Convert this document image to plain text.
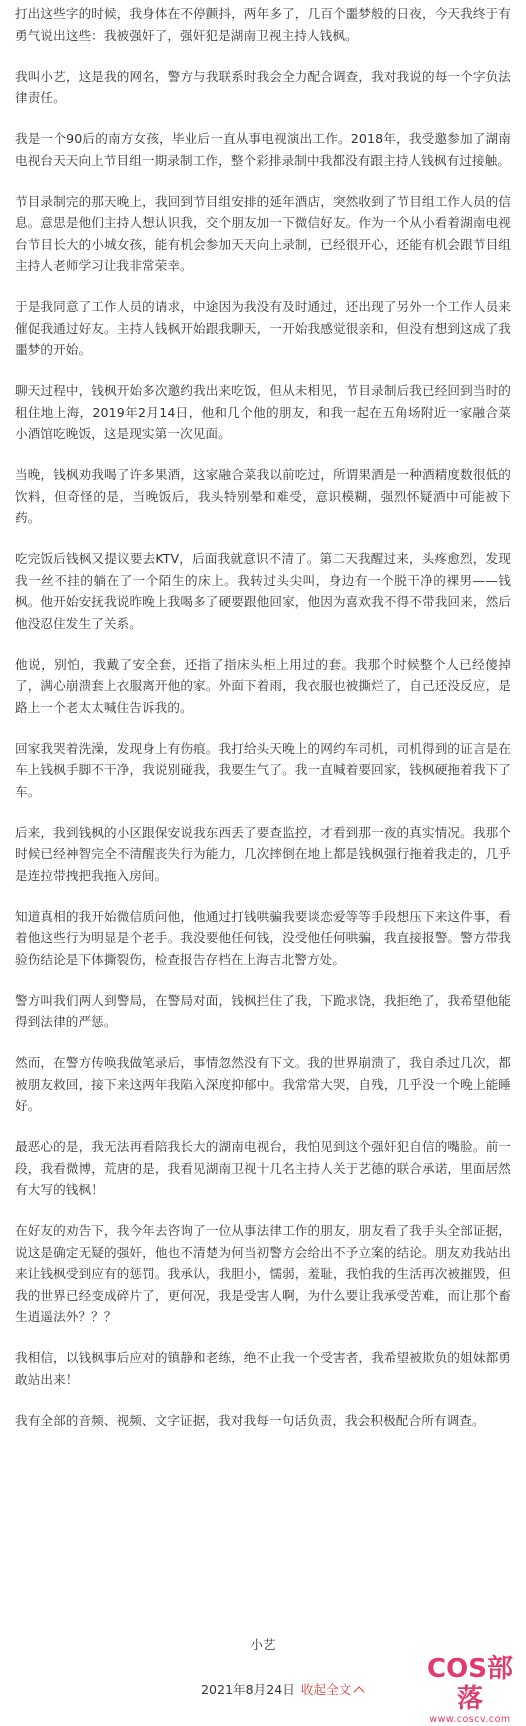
打出这些字的时候，我身体在不停颤抖，两年多了，几百个噩梦般的日夜，今天我终于有勇气说出这些：我被强奸了，强奸犯是湖南卫视主持人钱枫。

我叫小艺，这是我的网名，警方与我联系时我会全力配合调查，我对我说的每一个字负法律责任。

我是一个90后的南方女孩，毕业后一直从事电视演出工作。2018年，我受邀参加了湖南电视台天天向上节目组一期录制工作，整个彩排录制中我都没有跟主持人钱枫有过接触。

节目录制完的那天晚上，我回到节目组安排的延年酒店，突然收到了节目组工作人员的信息。意思是他们主持人想认识我，交个朋友加一下微信好友。作为一个从小看着湖南电视台节目长大的小城女孩，能有机会参加天天向上录制，已经很开心，还能有机会跟节目组主持人老师学习让我非常荣幸。

于是我同意了工作人员的请求，中途因为我没有及时通过，还出现了另外一个工作人员来催促我通过好友。主持人钱枫开始跟我聊天，一开始我感觉很亲和，但没有想到这成了我噩梦的开始。

聊天过程中，钱枫开始多次邀约我出来吃饭，但从未相见，节目录制后我已经回到当时的租住地上海，2019年2月14日，他和几个他的朋友，和我一起在五角场附近一家融合菜小酒馆吃晚饭，这是现实第一次见面。

当晚，钱枫劝我喝了许多果酒，这家融合菜我以前吃过，所谓果酒是一种酒精度数很低的饮料，但奇怪的是，当晚饭后，我头特别晕和难受，意识模糊，强烈怀疑酒中可能被下药。

吃完饭后钱枫又提议要去KTV，后面我就意识不清了。第二天我醒过来，头疼愈烈，发现我一丝不挂的躺在了一个陌生的床上。我转过头尖叫，身边有一个脱干净的裸男——钱枫。他开始安抚我说昨晚上我喝多了硬要跟他回家，他因为喜欢我不得不带我回来，然后他没忍住发生了关系。

他说，别怕，我戴了安全套，还指了指床头柜上用过的套。我那个时候整个人已经傻掉了，满心崩溃套上衣服离开他的家。外面下着雨，我衣服也被撕烂了，自己还没反应，是路上一个老太太喊住告诉我的。

回家我哭着洗澡，发现身上有伤痕。我打给头天晚上的网约车司机，司机得到的证言是在车上钱枫手脚不干净，我说别碰我，我要生气了。我一直喊着要回家，钱枫硬拖着我下了车。

后来，我到钱枫的小区跟保安说我东西丢了要查监控，才看到那一夜的真实情况。我那个时候已经神智完全不清醒丧失行为能力，几次摔倒在地上都是钱枫强行拖着我走的，几乎是连拉带拽把我拖入房间。

知道真相的我开始微信质问他，他通过打钱哄骗我要谈恋爱等等手段想压下来这件事，看着他这些行为明显是个老手。我没要他任何钱，没受他任何哄骗，我直接报警。警方带我验伤结论是下体撕裂伤，检查报告存档在上海吉北警方处。

警方叫我们两人到警局，在警局对面，钱枫拦住了我，下跪求饶，我拒绝了，我希望他能得到法律的严惩。

然而，在警方传唤我做笔录后，事情忽然没有下文。我的世界崩溃了，我自杀过几次，都被朋友救回，接下来这两年我陷入深度抑郁中。我常常大哭，自残，几乎没一个晚上能睡好。

最恶心的是，我无法再看陪我长大的湖南电视台，我怕见到这个强奸犯自信的嘴脸。前一段，我看微博，荒唐的是，我看见湖南卫视十几名主持人关于艺德的联合承诺，里面居然有大写的钱枫！

在好友的劝告下，我今年去咨询了一位从事法律工作的朋友，朋友看了我手头全部证据，说这是确定无疑的强奸，他也不清楚为何当初警方会给出不予立案的结论。朋友劝我站出来让钱枫受到应有的惩罚。我承认，我胆小，懦弱，羞耻，我怕我的生活再次被摧毁，但我的世界已经变成碎片了，更何况，我是受害人啊，为什么要让我承受苦难，而让那个畜生逍遥法外？？？

我相信，以钱枫事后应对的镇静和老练，绝不止我一个受害者，我希望被欺负的姐妹都勇敢站出来！

我有全部的音频、视频、文字证据，我对我每一句话负责，我会积极配合所有调查。

小艺
2021年8月24日 收起全文
COS部落
www.coscv.com
